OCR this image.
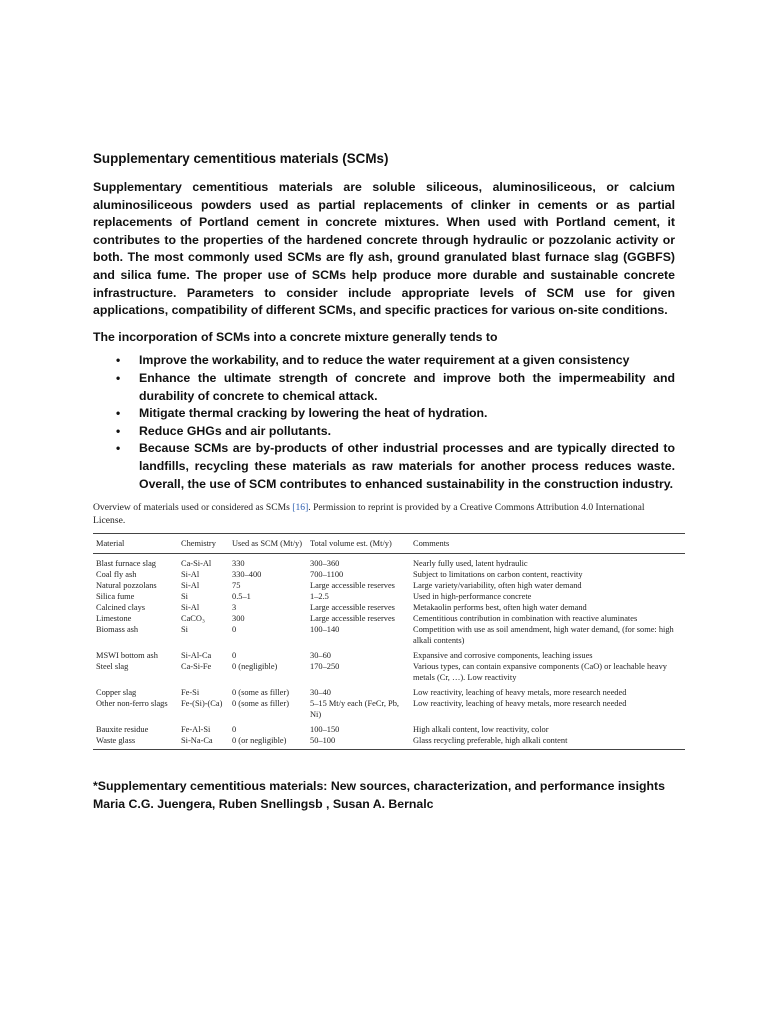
Supplementary cementitious materials (SCMs)

Supplementary cementitious materials are soluble siliceous, aluminosiliceous, or calcium aluminosiliceous powders used as partial replacements of clinker in cements or as partial replacements of Portland cement in concrete mixtures. When used with Portland cement, it contributes to the properties of the hardened concrete through hydraulic or pozzolanic activity or both. The most commonly used SCMs are fly ash, ground granulated blast furnace slag (GGBFS) and silica fume. The proper use of SCMs help produce more durable and sustainable concrete infrastructure. Parameters to consider include appropriate levels of SCM use for given applications, compatibility of different SCMs, and specific practices for various on-site conditions.

The incorporation of SCMs into a concrete mixture generally tends to

• Improve the workability, and to reduce the water requirement at a given consistency
• Enhance the ultimate strength of concrete and improve both the impermeability and durability of concrete to chemical attack.
• Mitigate thermal cracking by lowering the heat of hydration.
• Reduce GHGs and air pollutants.
• Because SCMs are by-products of other industrial processes and are typically directed to landfills, recycling these materials as raw materials for another process reduces waste. Overall, the use of SCM contributes to enhanced sustainability in the construction industry.
Overview of materials used or considered as SCMs [16]. Permission to reprint is provided by a Creative Commons Attribution 4.0 International License.
Material	Chemistry	Used as SCM (Mt/y)	Total volume est. (Mt/y)	Comments
Blast furnace slag	Ca-Si-Al	330	300–360	Nearly fully used, latent hydraulic
Coal fly ash	Si-Al	330–400	700–1100	Subject to limitations on carbon content, reactivity
Natural pozzolans	Si-Al	75	Large accessible reserves	Large variety/variability, often high water demand
Silica fume	Si	0.5–1	1–2.5	Used in high-performance concrete
Calcined clays	Si-Al	3	Large accessible reserves	Metakaolin performs best, often high water demand
Limestone	CaCO₃	300	Large accessible reserves	Cementitious contribution in combination with reactive aluminates
Biomass ash	Si	0	100–140	Competition with use as soil amendment, high water demand, (for some: high alkali contents)
MSWI bottom ash	Si-Al-Ca	0	30–60	Expansive and corrosive components, leaching issues
Steel slag	Ca-Si-Fe	0 (negligible)	170–250	Various types, can contain expansive components (CaO) or leachable heavy metals (Cr, …). Low reactivity
Copper slag	Fe-Si	0 (some as filler)	30–40	Low reactivity, leaching of heavy metals, more research needed
Other non-ferro slags	Fe-(Si)-(Ca)	0 (some as filler)	5–15 Mt/y each (FeCr, Pb, Ni)	Low reactivity, leaching of heavy metals, more research needed
Bauxite residue	Fe-Al-Si	0	100–150	High alkali content, low reactivity, color
Waste glass	Si-Na-Ca	0 (or negligible)	50–100	Glass recycling preferable, high alkali content
*Supplementary cementitious materials: New sources, characterization, and performance insights
Maria C.G. Juengera, Ruben Snellingsb , Susan A. Bernalc
